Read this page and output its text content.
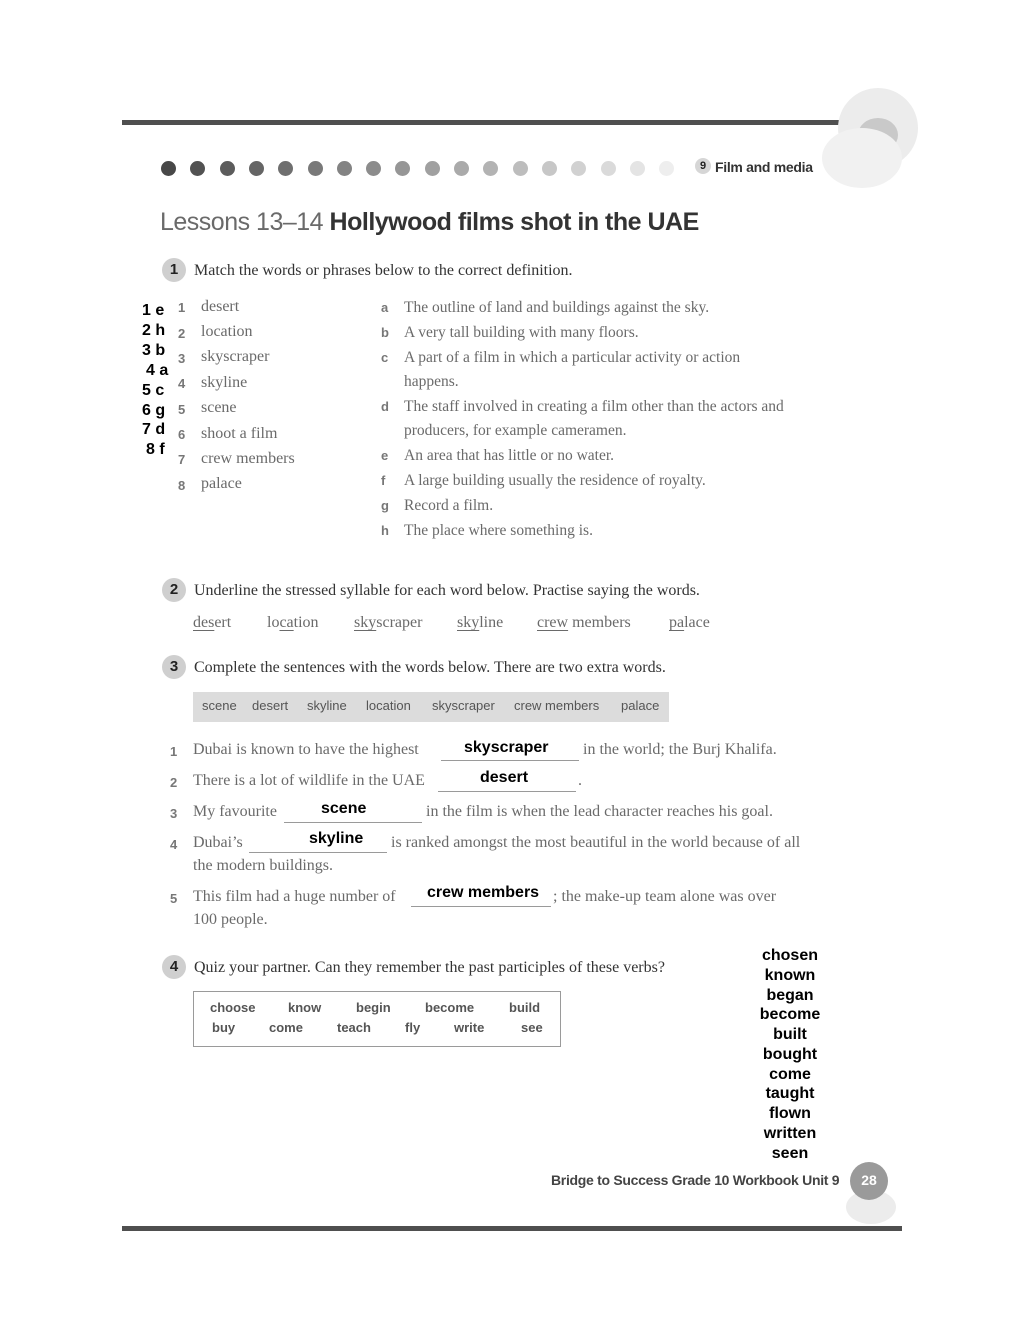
9 Film and media
Lessons 13–14 Hollywood films shot in the UAE
1 Match the words or phrases below to the correct definition.
1 desert
2 location
3 skyscraper
4 skyline
5 scene
6 shoot a film
7 crew members
8 palace
1 e
2 h
3 b
4 a
5 c
6 g
7 d
8 f
a The outline of land and buildings against the sky.
b A very tall building with many floors.
c A part of a film in which a particular activity or action
happens.
d The staff involved in creating a film other than the actors and
producers, for example cameramen.
e An area that has little or no water.
f A large building usually the residence of royalty.
g Record a film.
h The place where something is.
2 Underline the stressed syllable for each word below. Practise saying the words.
desert location skyscraper skyline crew members palace
3 Complete the sentences with the words below. There are two extra words.
scene desert skyline location skyscraper crew members palace
1 Dubai is known to have the highest	skyscraper in the world; the Burj Khalifa.
2 There is a lot of wildlife in the UAE	desert	.
3 My favourite	scene	in the film is when the lead character reaches his goal.
4 Dubai’s	skyline is ranked amongst the most beautiful in the world because of all
the modern buildings.
5 This film had a huge number of crew members ; the make-up team alone was over
100 people.
4 Quiz your partner. Can they remember the past participles of these verbs?
choose know	begin	become	build
buy	come	teach	fly	write	see
chosen
known
began
become
built
bought
come
taught
flown
written
seen
Bridge to Success Grade 10 Workbook Unit 9	28
